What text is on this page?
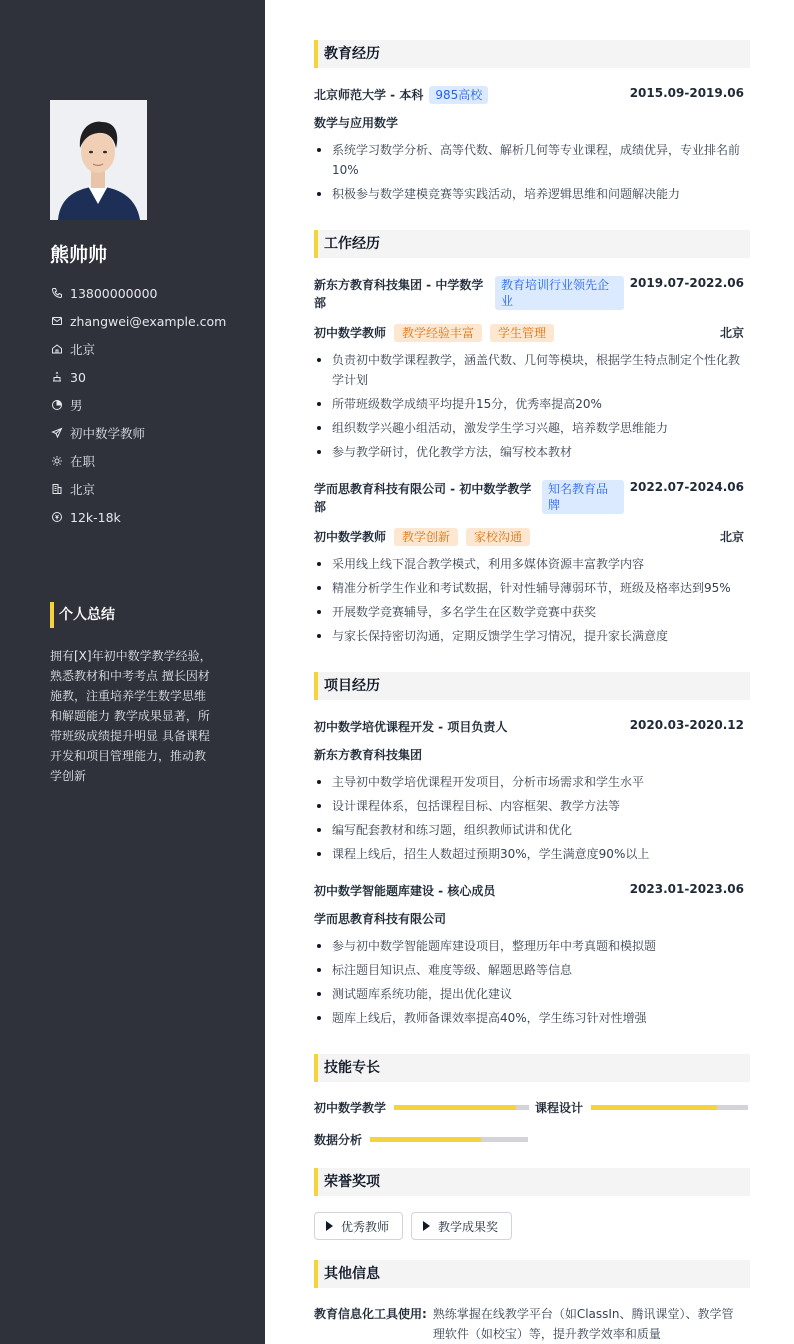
熊帅帅
13800000000
zhangwei@example.com
北京
30
男
初中数学教师
在职
北京
12k-18k
个人总结

拥有[X]年初中数学教学经验，熟悉教材和中考考点 擅长因材施教，注重培养学生数学思维和解题能力 教学成果显著，所带班级成绩提升明显 具备课程开发和项目管理能力，推动教学创新

教育经历
北京师范大学 - 本科	985高校	2015.09-2019.06
数学与应用数学
系统学习数学分析、高等代数、解析几何等专业课程，成绩优异，专业排名前10%
积极参与数学建模竞赛等实践活动，培养逻辑思维和问题解决能力
工作经历
新东方教育科技集团 - 中学数学部
教育培训行业领先企业
2019.07-2022.06
初中数学教师	教学经验丰富	学生管理	北京
负责初中数学课程教学，涵盖代数、几何等模块，根据学生特点制定个性化教学计划
所带班级数学成绩平均提升15分，优秀率提高20%
组织数学兴趣小组活动，激发学生学习兴趣，培养数学思维能力
参与教学研讨，优化教学方法，编写校本教材
学而思教育科技有限公司 - 初中数学教学部
知名教育品牌
2022.07-2024.06
初中数学教师	教学创新	家校沟通	北京
采用线上线下混合教学模式，利用多媒体资源丰富教学内容
精准分析学生作业和考试数据，针对性辅导薄弱环节，班级及格率达到95%
开展数学竞赛辅导，多名学生在区数学竞赛中获奖
与家长保持密切沟通，定期反馈学生学习情况，提升家长满意度
项目经历
初中数学培优课程开发 - 项目负责人	2020.03-2020.12
新东方教育科技集团
主导初中数学培优课程开发项目，分析市场需求和学生水平
设计课程体系，包括课程目标、内容框架、教学方法等
编写配套教材和练习题，组织教师试讲和优化
课程上线后，招生人数超过预期30%，学生满意度90%以上
初中数学智能题库建设 - 核心成员	2023.01-2023.06
学而思教育科技有限公司
参与初中数学智能题库建设项目，整理历年中考真题和模拟题
标注题目知识点、难度等级、解题思路等信息
测试题库系统功能，提出优化建议
题库上线后，教师备课效率提高40%，学生练习针对性增强
技能专长
初中数学教学	课程设计
数据分析
荣誉奖项
优秀教师	教学成果奖
其他信息
教育信息化工具使用: 熟练掌握在线教学平台（如ClassIn、腾讯课堂）、教学管理软件（如校宝）等，提升教学效率和质量
